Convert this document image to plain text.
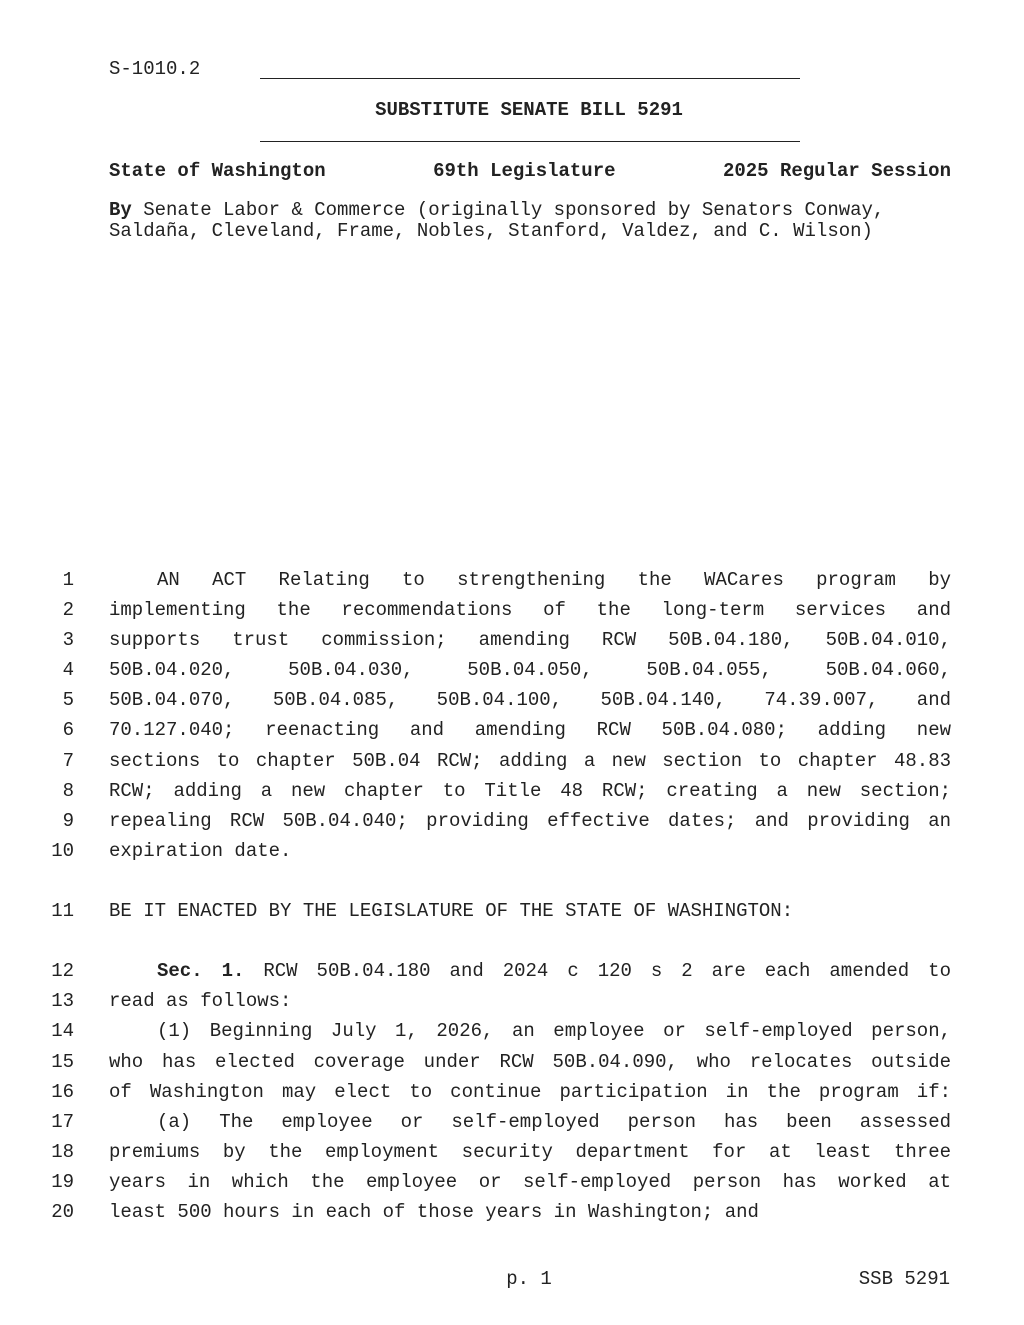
S-1010.2
SUBSTITUTE SENATE BILL 5291
State of Washington	69th Legislature	2025 Regular Session
By Senate Labor & Commerce (originally sponsored by Senators Conway,
Saldaña, Cleveland, Frame, Nobles, Stanford, Valdez, and C. Wilson)
1	AN ACT Relating to strengthening the WACares program by
2 implementing the recommendations of the long-term services and
3 supports trust commission; amending RCW 50B.04.180, 50B.04.010,
4 50B.04.020, 50B.04.030, 50B.04.050, 50B.04.055, 50B.04.060,
5 50B.04.070, 50B.04.085, 50B.04.100, 50B.04.140, 74.39.007, and
6 70.127.040; reenacting and amending RCW 50B.04.080; adding new
7 sections to chapter 50B.04 RCW; adding a new section to chapter 48.83
8 RCW; adding a new chapter to Title 48 RCW; creating a new section;
9 repealing RCW 50B.04.040; providing effective dates; and providing an
10 expiration date.
11 BE IT ENACTED BY THE LEGISLATURE OF THE STATE OF WASHINGTON:
12	Sec. 1. RCW 50B.04.180 and 2024 c 120 s 2 are each amended to
13 read as follows:
14	(1) Beginning July 1, 2026, an employee or self-employed person,
15 who has elected coverage under RCW 50B.04.090, who relocates outside
16 of Washington may elect to continue participation in the program if:
17	(a) The employee or self-employed person has been assessed
18 premiums by the employment security department for at least three
19 years in which the employee or self-employed person has worked at
20 least 500 hours in each of those years in Washington; and
p. 1	SSB 5291
